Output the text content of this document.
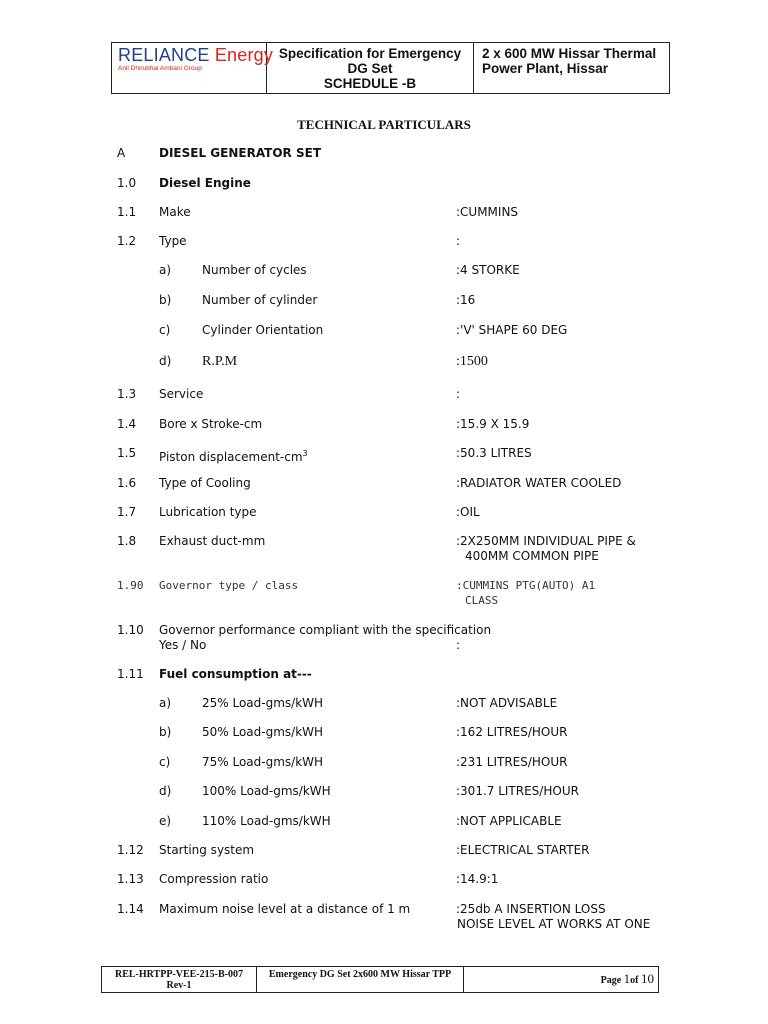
RELIANCE Energy
Anil Dhirubhai Ambani Group
Specification for Emergency
DG Set
SCHEDULE -B
2 x 600 MW Hissar Thermal
Power Plant, Hissar
TECHNICAL PARTICULARS
A	DIESEL GENERATOR SET
1.0 Diesel Engine
1.1 Make	:CUMMINS
1.2 Type	:
a)	Number of cycles	:4 STORKE
b)	Number of cylinder	:16
c)	Cylinder Orientation	:'V' SHAPE 60 DEG
d) R.P.M	:1500
1.3 Service	:
1.4 Bore x Stroke-cm	:15.9 X 15.9
1.5 Piston displacement-$cm^3$	:50.3 LITRES
1.6 Type of Cooling	:RADIATOR WATER COOLED
1.7 Lubrication type	:OIL
1.8 Exhaust duct-mm	:2X250MM INDIVIDUAL PIPE &
400MM COMMON PIPE
1.90 Governor type / class	:CUMMINS PTG(AUTO) A1
CLASS
1.10 Governor performance compliant with the specification
Yes / No	:
1.11 Fuel consumption at---
a)	25% Load-gms/kWH	:NOT ADVISABLE
b)	50% Load-gms/kWH	:162 LITRES/HOUR
c)	75% Load-gms/kWH	:231 LITRES/HOUR
d)	100% Load-gms/kWH	:301.7 LITRES/HOUR
e)	110% Load-gms/kWH	:NOT APPLICABLE
1.12 Starting system	:ELECTRICAL STARTER
1.13 Compression ratio	:14.9:1
1.14 Maximum noise level at a distance of 1 m	:25db A INSERTION LOSS
NOISE LEVEL AT WORKS AT ONE
REL-HRTPP-VEE-215-B-007
Rev-1
Emergency DG Set 2x600 MW Hissar TPP
Page 1of 10
